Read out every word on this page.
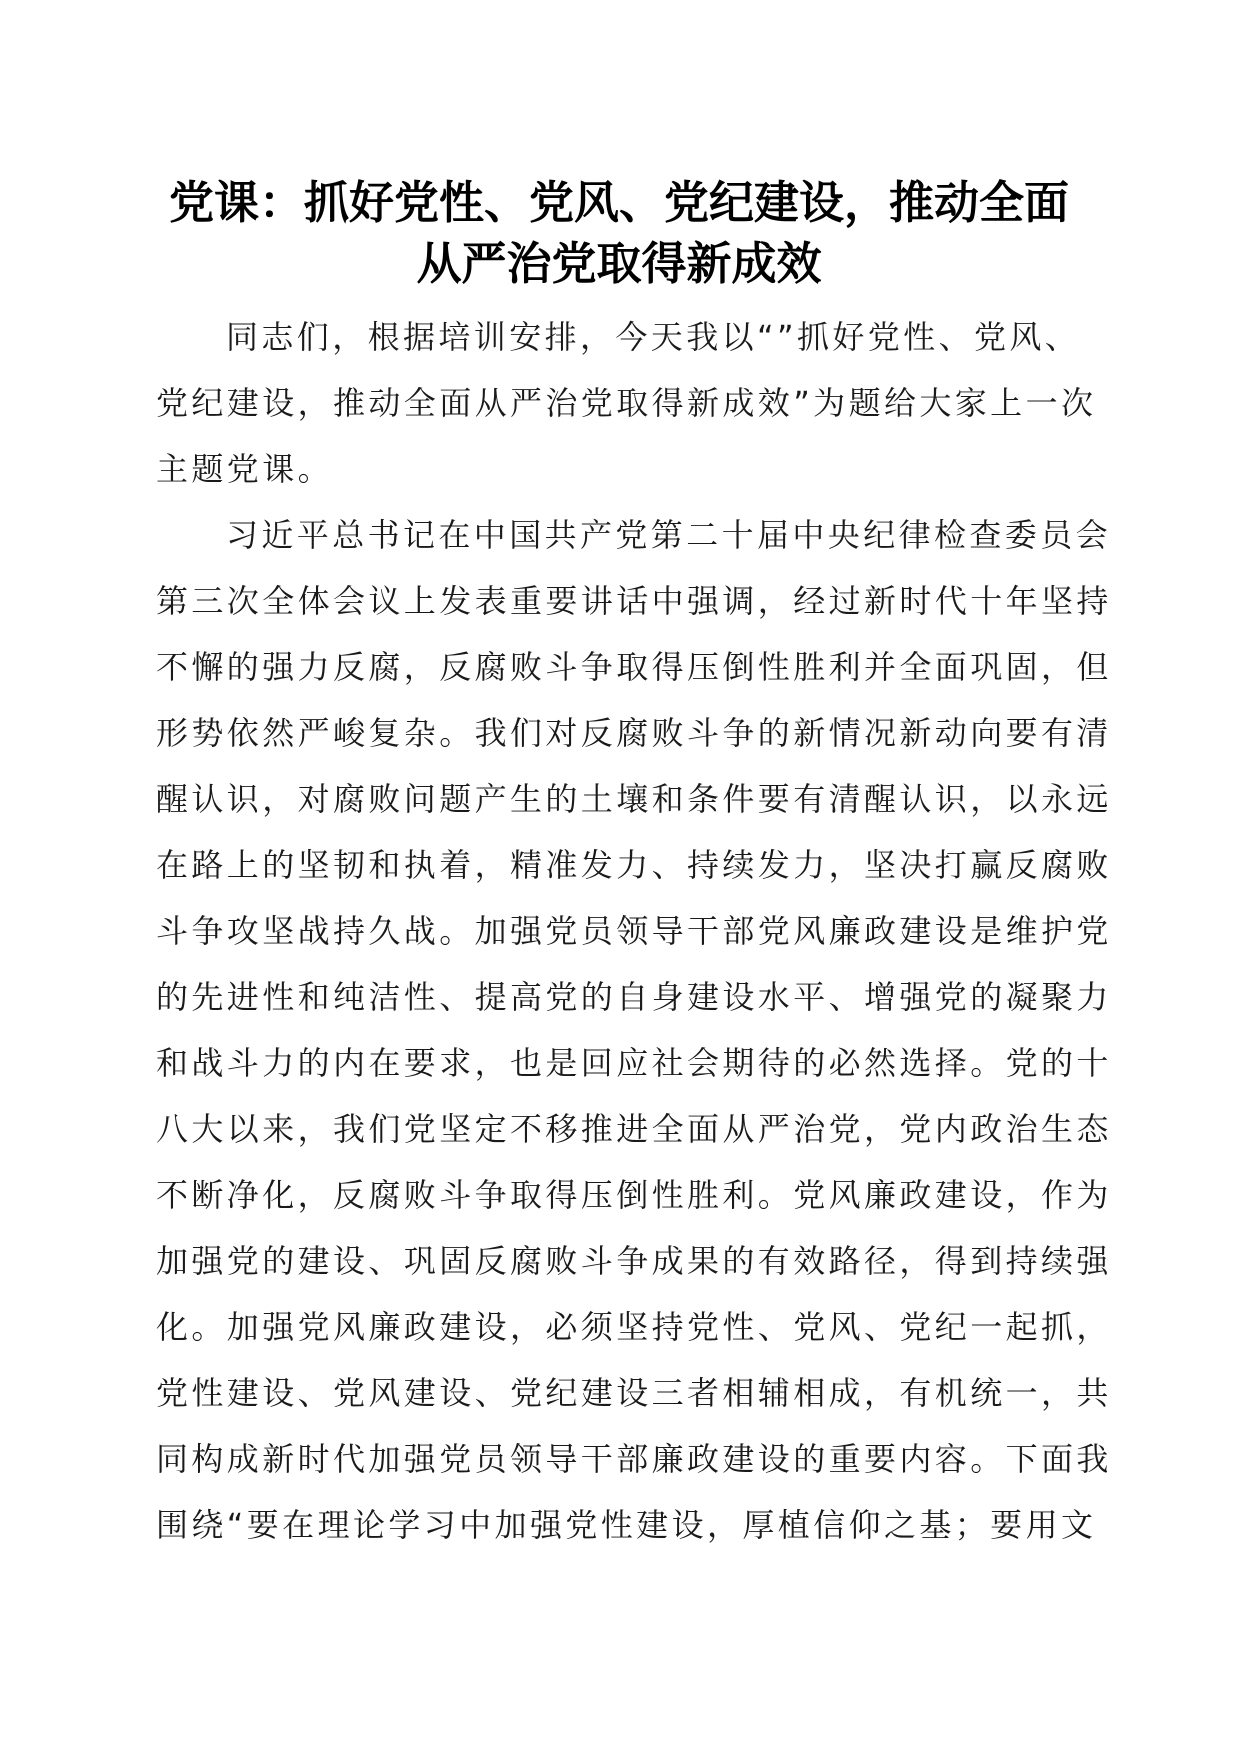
党课：抓好党性、党风、党纪建设，推动全面
从严治党取得新成效
同志们，根据培训安排，今天我以“”抓好党性、党风、
党纪建设，推动全面从严治党取得新成效”为题给大家上一次
主题党课。
习近平总书记在中国共产党第二十届中央纪律检查委员会
第三次全体会议上发表重要讲话中强调，经过新时代十年坚持
不懈的强力反腐，反腐败斗争取得压倒性胜利并全面巩固，但
形势依然严峻复杂。我们对反腐败斗争的新情况新动向要有清
醒认识，对腐败问题产生的土壤和条件要有清醒认识，以永远
在路上的坚韧和执着，精准发力、持续发力，坚决打赢反腐败
斗争攻坚战持久战。加强党员领导干部党风廉政建设是维护党
的先进性和纯洁性、提高党的自身建设水平、增强党的凝聚力
和战斗力的内在要求，也是回应社会期待的必然选择。党的十
八大以来，我们党坚定不移推进全面从严治党，党内政治生态
不断净化，反腐败斗争取得压倒性胜利。党风廉政建设，作为
加强党的建设、巩固反腐败斗争成果的有效路径，得到持续强
化。加强党风廉政建设，必须坚持党性、党风、党纪一起抓，
党性建设、党风建设、党纪建设三者相辅相成，有机统一，共
同构成新时代加强党员领导干部廉政建设的重要内容。下面我
围绕“要在理论学习中加强党性建设，厚植信仰之基；要用文
